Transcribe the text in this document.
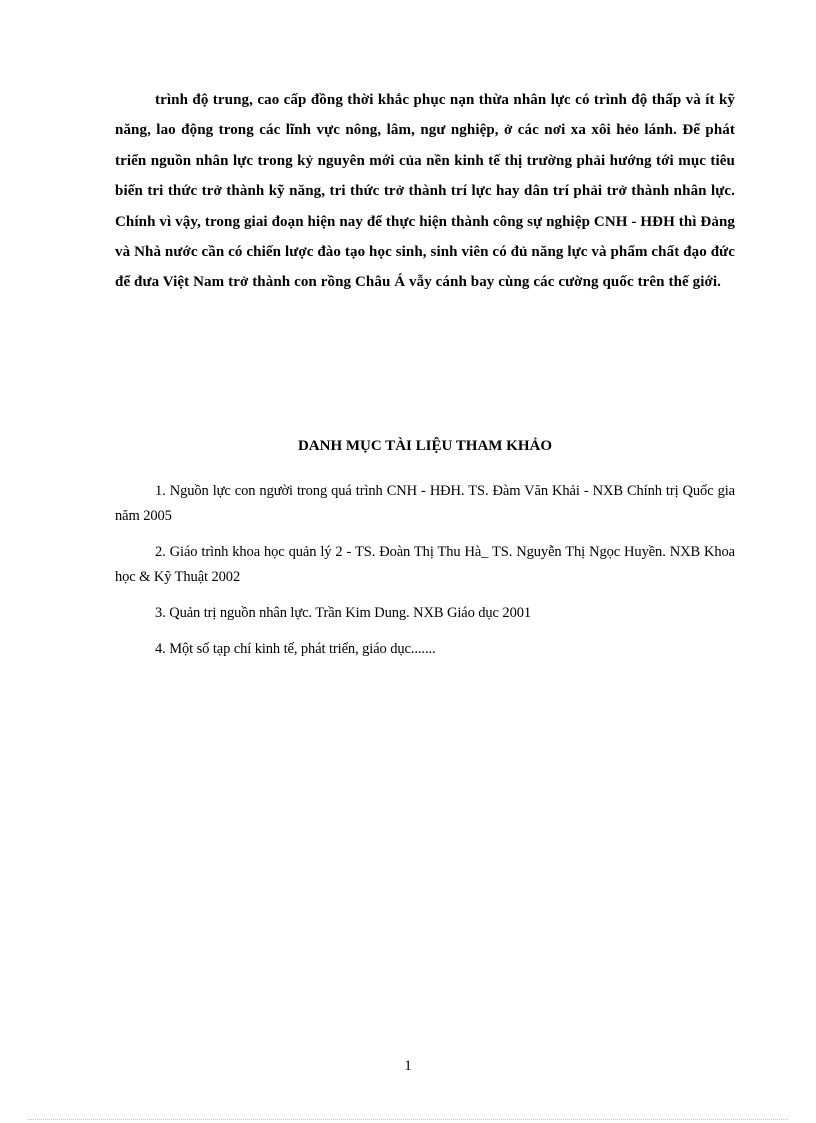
trình độ trung, cao cấp đồng thời khắc phục nạn thừa nhân lực có trình độ thấp và ít kỹ năng, lao động trong các lĩnh vực nông, lâm, ngư nghiệp, ở các nơi xa xôi hẻo lánh. Để phát triển nguồn nhân lực trong kỷ nguyên mới của nền kinh tế thị trường phải hướng tới mục tiêu biến tri thức trở thành kỹ năng, tri thức trở thành trí lực hay dân trí phải trở thành nhân lực. Chính vì vậy, trong giai đoạn hiện nay để thực hiện thành công sự nghiệp CNH - HĐH thì Đảng và Nhà nước cần có chiến lược đào tạo học sinh, sinh viên có đủ năng lực và phẩm chất đạo đức để đưa Việt Nam trở thành con rồng Châu Á vẫy cánh bay cùng các cường quốc trên thế giới.

DANH MỤC TÀI LIỆU THAM KHẢO
1. Nguồn lực con người trong quá trình CNH - HĐH. TS. Đàm Văn Khải - NXB Chính trị Quốc gia năm 2005
2. Giáo trình khoa học quản lý 2 - TS. Đoàn Thị Thu Hà_ TS. Nguyễn Thị Ngọc Huyền. NXB Khoa học & Kỹ Thuật 2002
3. Quản trị nguồn nhân lực. Trần Kim Dung. NXB Giáo dục 2001
4. Một số tạp chí kinh tế, phát triển, giáo dục.......
1
